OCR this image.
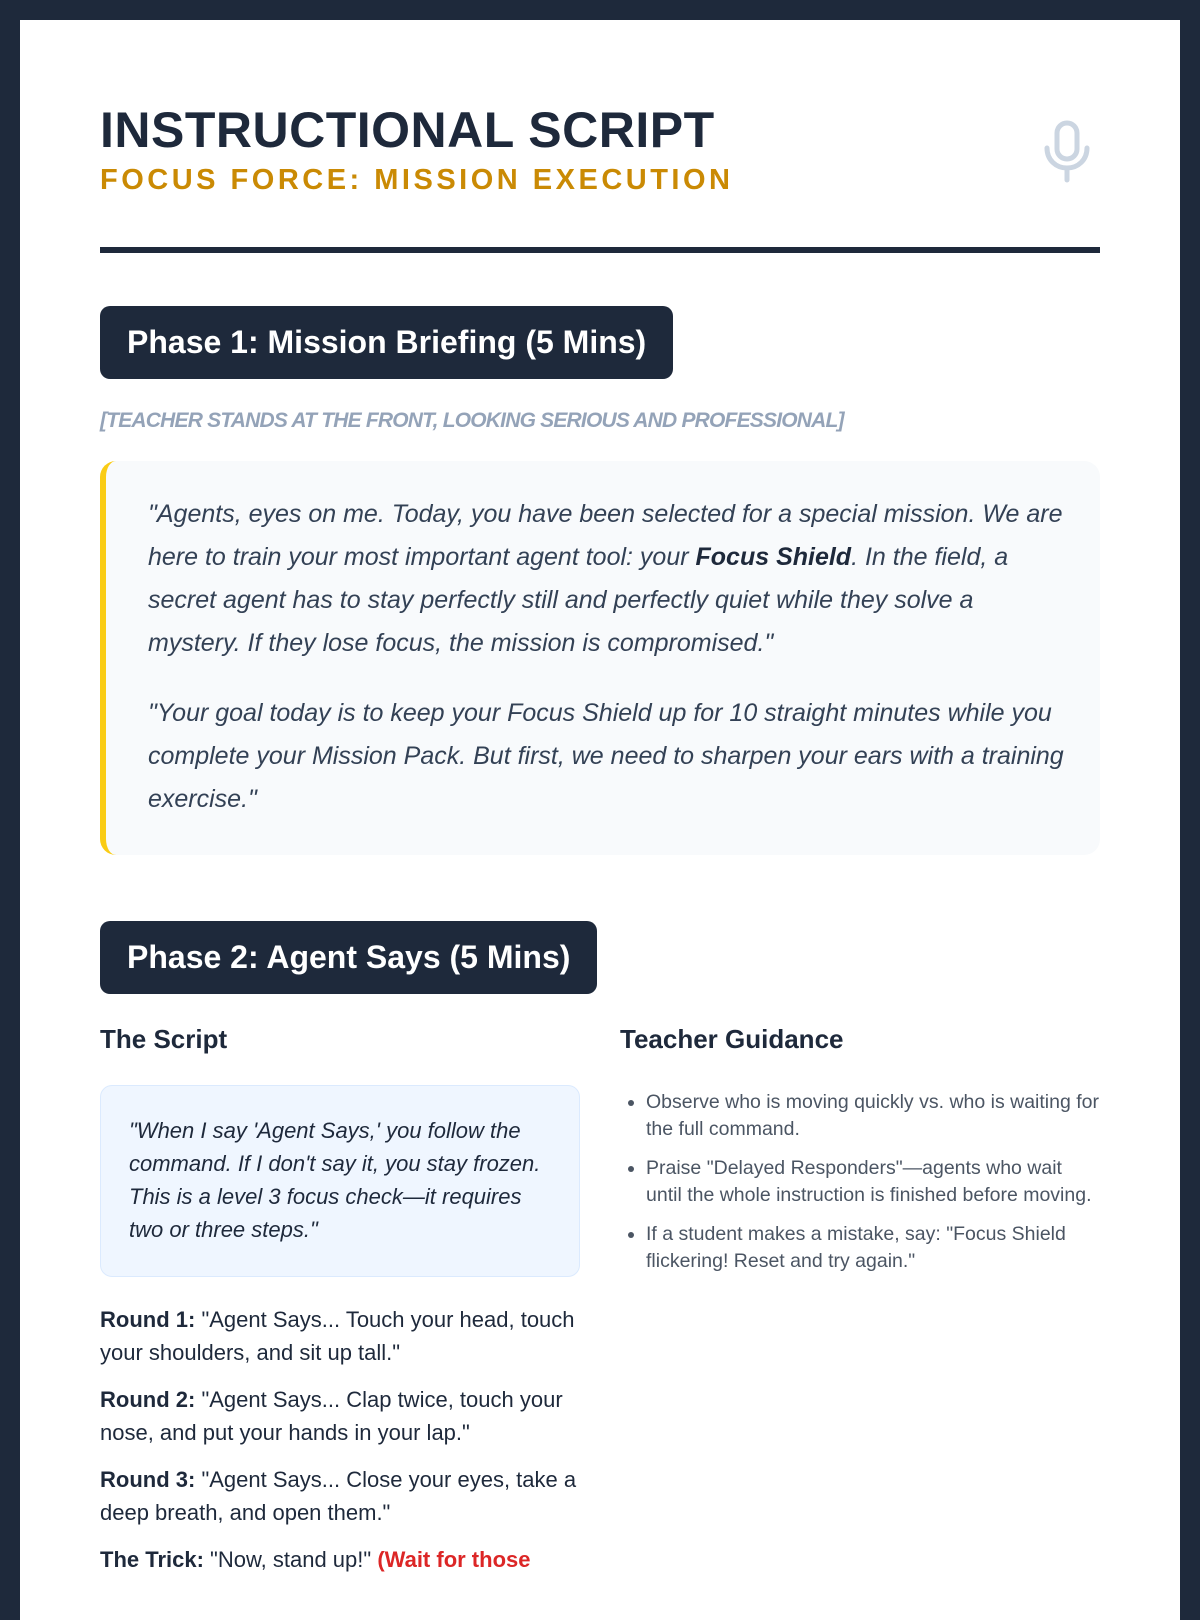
INSTRUCTIONAL SCRIPT
FOCUS FORCE: MISSION EXECUTION
Phase 1: Mission Briefing (5 Mins)
[TEACHER STANDS AT THE FRONT, LOOKING SERIOUS AND PROFESSIONAL]

"Agents, eyes on me. Today, you have been selected for a special mission. We are here to train your most important agent tool: your Focus Shield. In the field, a secret agent has to stay perfectly still and perfectly quiet while they solve a mystery. If they lose focus, the mission is compromised."

"Your goal today is to keep your Focus Shield up for 10 straight minutes while you complete your Mission Pack. But first, we need to sharpen your ears with a training exercise."

Phase 2: Agent Says (5 Mins)
The Script
"When I say 'Agent Says,' you follow the command. If I don't say it, you stay frozen. This is a level 3 focus check—it requires two or three steps."

Round 1: "Agent Says... Touch your head, touch your shoulders, and sit up tall."

Round 2: "Agent Says... Clap twice, touch your nose, and put your hands in your lap."

Round 3: "Agent Says... Close your eyes, take a deep breath, and open them."

The Trick: "Now, stand up!" (Wait for those

Teacher Guidance
• Observe who is moving quickly vs. who is waiting for the full command.
• Praise "Delayed Responders"—agents who wait until the whole instruction is finished before moving.
• If a student makes a mistake, say: "Focus Shield flickering! Reset and try again."
